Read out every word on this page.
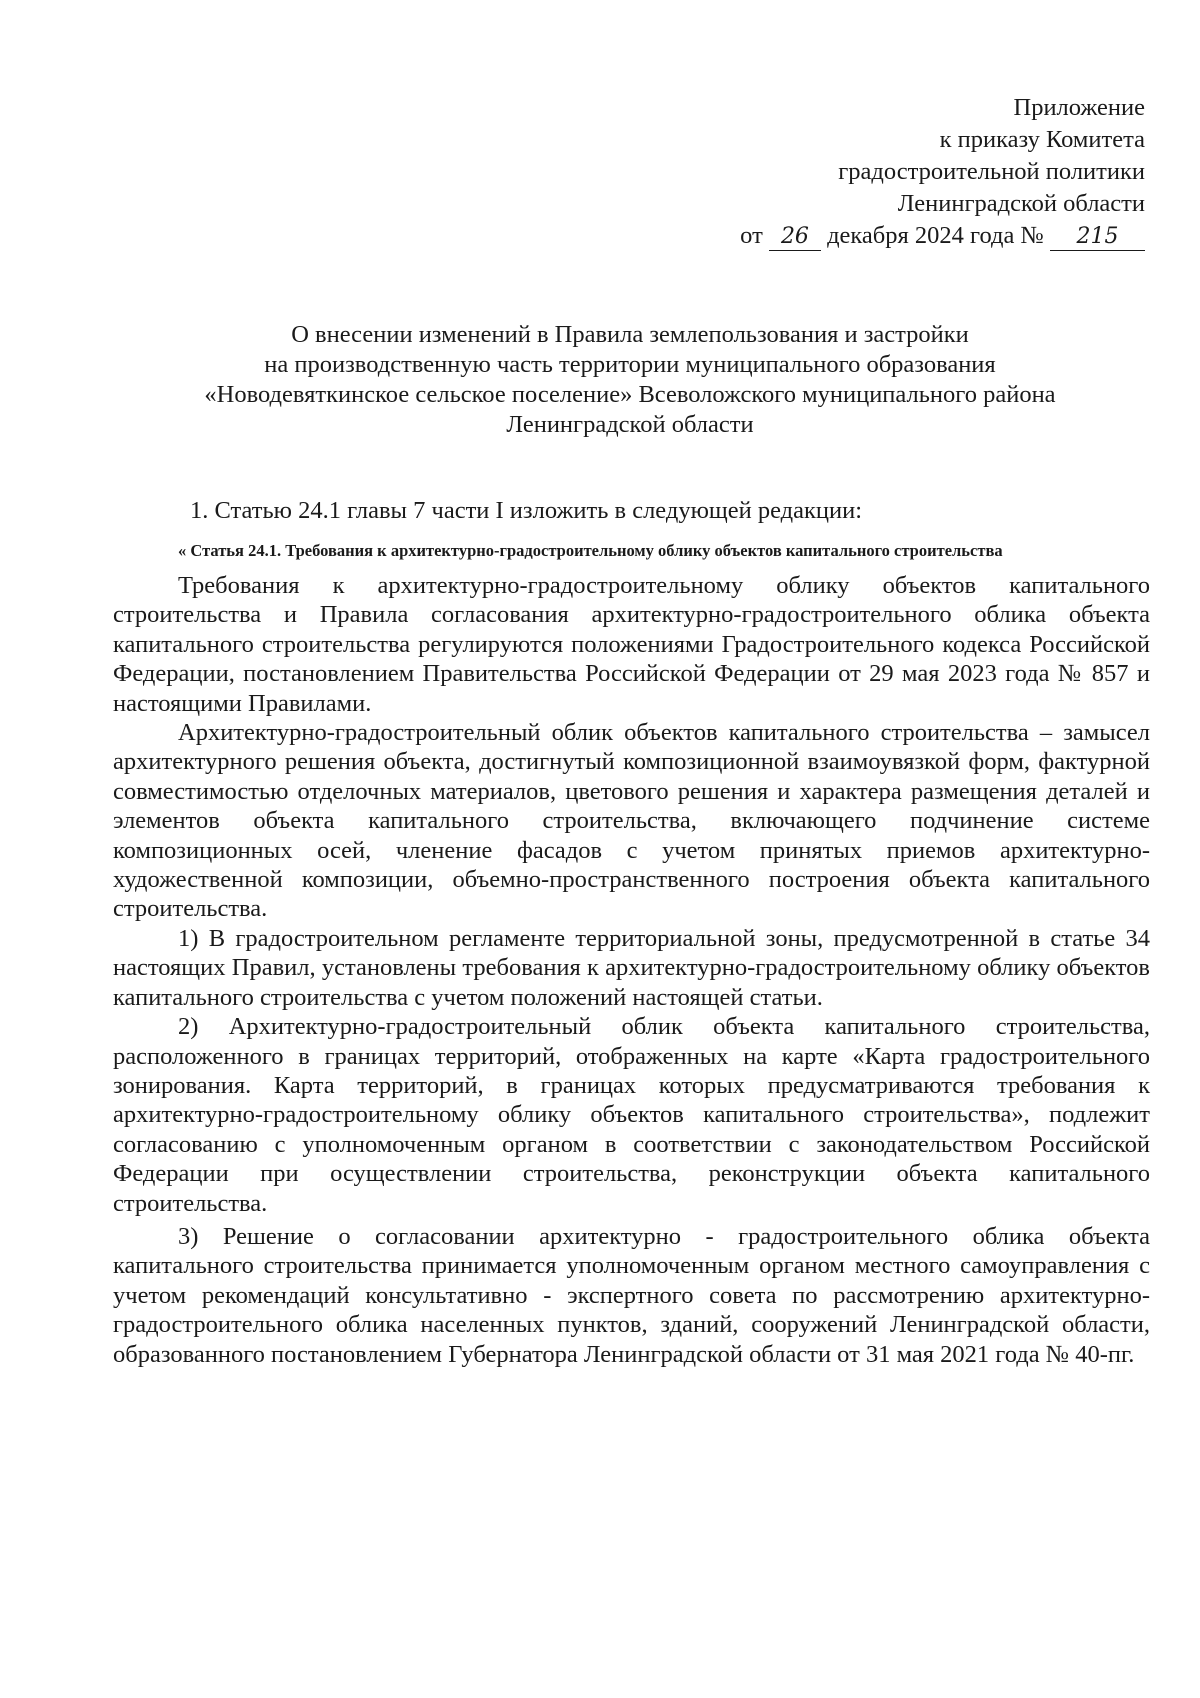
Приложение
к приказу Комитета
градостроительной политики
Ленинградской области
от 26 декабря 2024 года № 215
О внесении изменений в Правила землепользования и застройки
на производственную часть территории муниципального образования
«Новодевяткинское сельское поселение» Всеволожского муниципального района
Ленинградской области

1. Статью 24.1 главы 7 части I изложить в следующей редакции:

« Статья 24.1. Требования к архитектурно-градостроительному облику объектов капитального строительства

Требования к архитектурно-градостроительному облику объектов капитального строительства и Правила согласования архитектурно-градостроительного облика объекта капитального строительства регулируются положениями Градостроительного кодекса Российской Федерации, постановлением Правительства Российской Федерации от 29 мая 2023 года № 857 и настоящими Правилами.

Архитектурно-градостроительный облик объектов капитального строительства – замысел архитектурного решения объекта, достигнутый композиционной взаимоувязкой форм, фактурной совместимостью отделочных материалов, цветового решения и характера размещения деталей и элементов объекта капитального строительства, включающего подчинение системе композиционных осей, членение фасадов с учетом принятых приемов архитектурно-художественной композиции, объемно-пространственного построения объекта капитального строительства.

1) В градостроительном регламенте территориальной зоны, предусмотренной в статье 34 настоящих Правил, установлены требования к архитектурно-градостроительному облику объектов капитального строительства с учетом положений настоящей статьи.

2) Архитектурно-градостроительный облик объекта капитального строительства, расположенного в границах территорий, отображенных на карте «Карта градостроительного зонирования. Карта территорий, в границах которых предусматриваются требования к архитектурно-градостроительному облику объектов капитального строительства», подлежит согласованию с уполномоченным органом в соответствии с законодательством Российской Федерации при осуществлении строительства, реконструкции объекта капитального строительства.

3) Решение о согласовании архитектурно - градостроительного облика объекта капитального строительства принимается уполномоченным органом местного самоуправления с учетом рекомендаций консультативно - экспертного совета по рассмотрению архитектурно-градостроительного облика населенных пунктов, зданий, сооружений Ленинградской области, образованного постановлением Губернатора Ленинградской области от 31 мая 2021 года № 40-пг.
